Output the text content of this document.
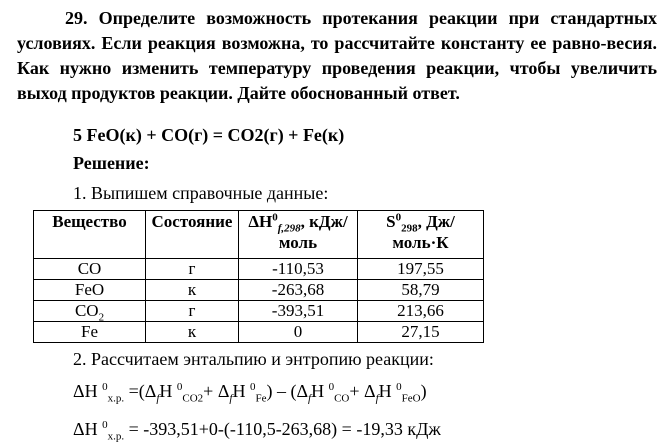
29. Определите возможность протекания реакции при стандартных условиях. Если реакция возможна, то рассчитайте константу ее равно-весия. Как нужно изменить температуру проведения реакции, чтобы увеличить выход продуктов реакции. Дайте обоснованный ответ.

5 FeO(к) + CO(г) = CO2(г) + Fe(к)
Решение:
1. Выпишем справочные данные:
Вещество	Состояние	$\Delta H^0_{f,298}$, кДж/моль	$S^0_{298}$, Дж/моль·К
CO	г	-110,53	197,55
FeO	к	-263,68	58,79
$CO_2$	г	-393,51	213,66
Fe	к	0	27,15
2. Рассчитаем энтальпию и энтропию реакции:
ΔH $^0_{х.р.} =(\Delta_fH$ $^0_{CO2}+ \Delta_fH$ $^0_{Fe}) - (\Delta_fH$ $^0_{CO}+ \Delta_fH$ $^0_{FeO}$)
ΔH $^0_{х.р.}$ = -393,51+0-(-110,5-263,68) = -19,33 кДж
